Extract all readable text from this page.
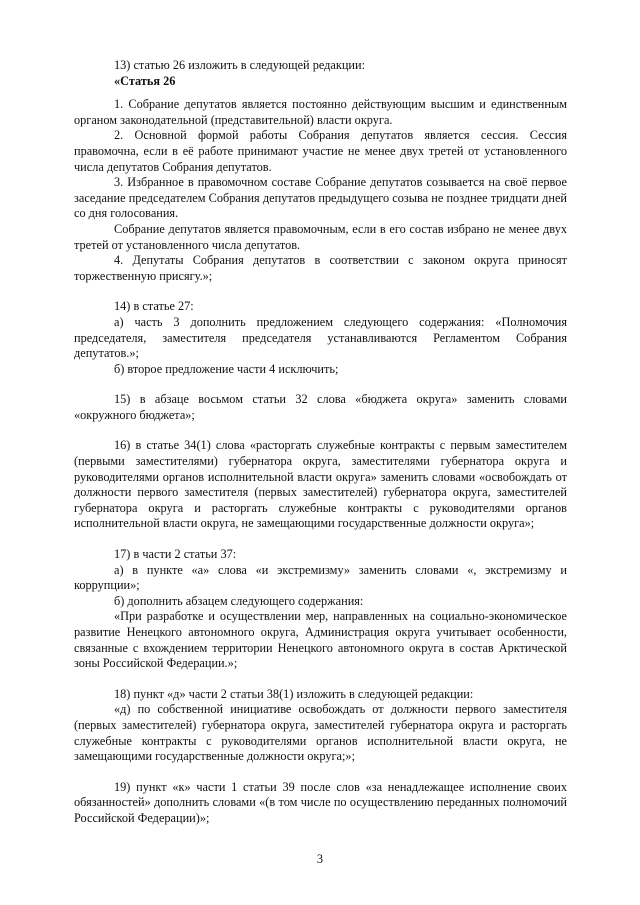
13) статью 26 изложить в следующей редакции:

«Статья 26

1. Собрание депутатов является постоянно действующим высшим и единственным органом законодательной (представительной) власти округа.

2. Основной формой работы Собрания депутатов является сессия. Сессия правомочна, если в её работе принимают участие не менее двух третей от установленного числа депутатов Собрания депутатов.

3. Избранное в правомочном составе Собрание депутатов созывается на своё первое заседание председателем Собрания депутатов предыдущего созыва не позднее тридцати дней со дня голосования.

Собрание депутатов является правомочным, если в его состав избрано не менее двух третей от установленного числа депутатов.

4. Депутаты Собрания депутатов в соответствии с законом округа приносят торжественную присягу.»;

14) в статье 27:

а) часть 3 дополнить предложением следующего содержания: «Полномочия председателя, заместителя председателя устанавливаются Регламентом Собрания депутатов.»;

б) второе предложение части 4 исключить;

15) в абзаце восьмом статьи 32 слова «бюджета округа» заменить словами «окружного бюджета»;

16) в статье 34(1) слова «расторгать служебные контракты с первым заместителем (первыми заместителями) губернатора округа, заместителями губернатора округа и руководителями органов исполнительной власти округа» заменить словами «освобождать от должности первого заместителя (первых заместителей) губернатора округа, заместителей губернатора округа и расторгать служебные контракты с руководителями органов исполнительной власти округа, не замещающими государственные должности округа»;

17) в части 2 статьи 37:

а) в пункте «а» слова «и экстремизму» заменить словами «, экстремизму и коррупции»;

б) дополнить абзацем следующего содержания:

«При разработке и осуществлении мер, направленных на социально-экономическое развитие Ненецкого автономного округа, Администрация округа учитывает особенности, связанные с вхождением территории Ненецкого автономного округа в состав Арктической зоны Российской Федерации.»;

18) пункт «д» части 2 статьи 38(1) изложить в следующей редакции:

«д) по собственной инициативе освобождать от должности первого заместителя (первых заместителей) губернатора округа, заместителей губернатора округа и расторгать служебные контракты с руководителями органов исполнительной власти округа, не замещающими государственные должности округа;»;

19) пункт «к» части 1 статьи 39 после слов «за ненадлежащее исполнение своих обязанностей» дополнить словами «(в том числе по осуществлению переданных полномочий Российской Федерации)»;

3
